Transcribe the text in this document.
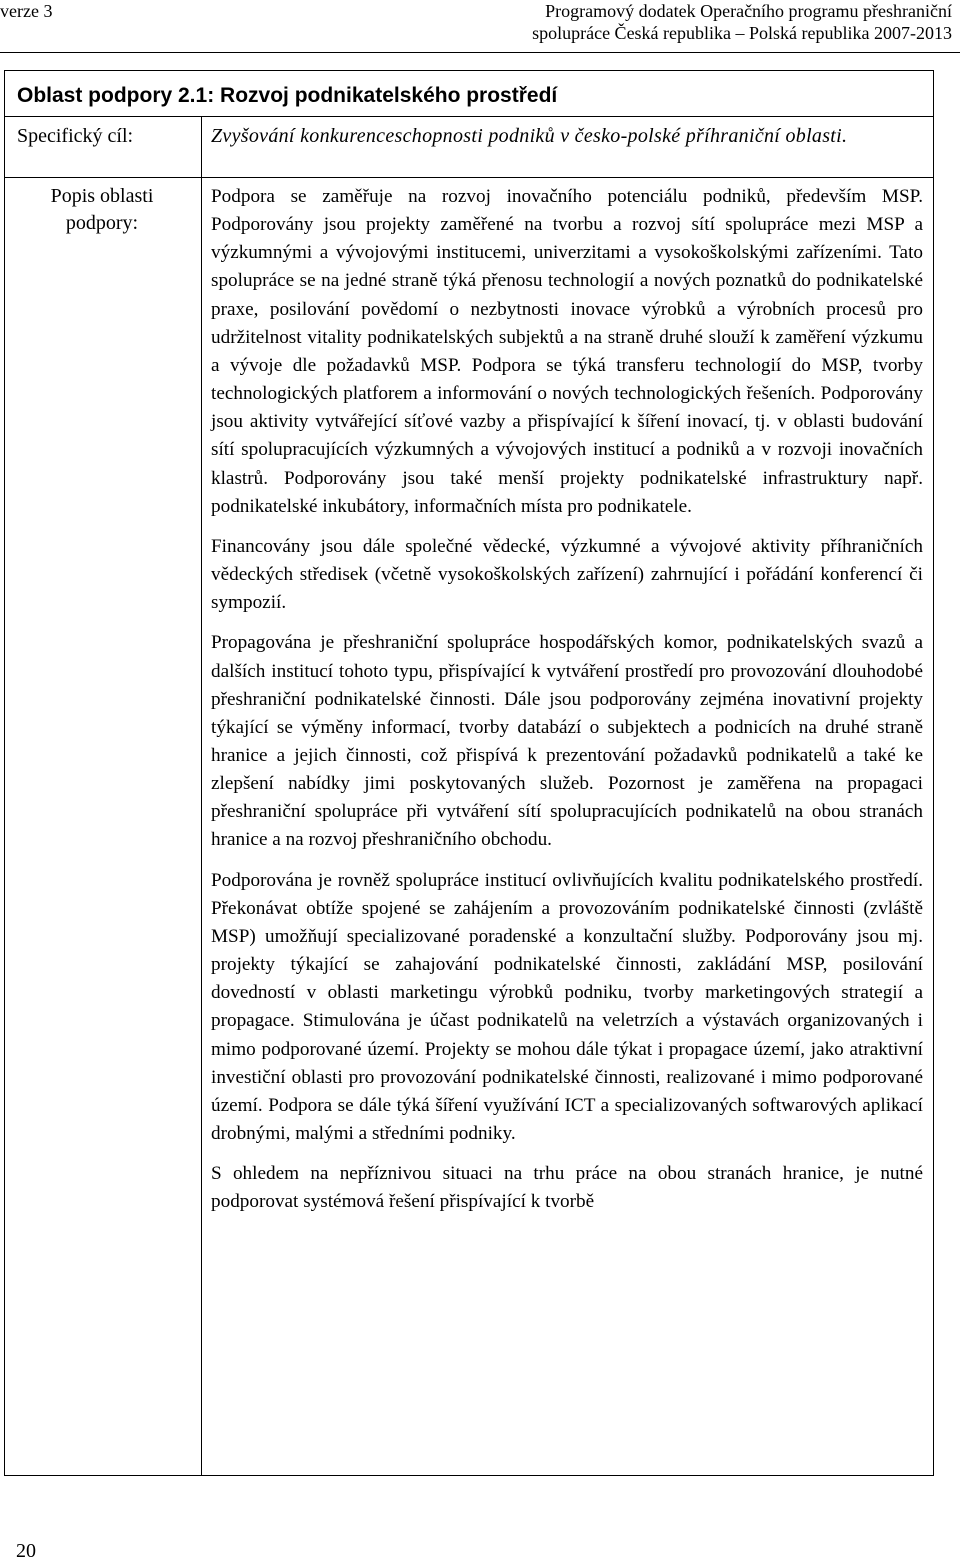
verze 3	Programový dodatek Operačního programu přeshraniční
spolupráce Česká republika – Polská republika 2007-2013
Oblast podpory 2.1: Rozvoj podnikatelského prostředí
Specifický cíl:	Zvyšování konkurenceschopnosti podniků v česko-polské příhraniční oblasti.
Popis oblasti podpory:

Podpora se zaměřuje na rozvoj inovačního potenciálu podniků, především MSP. Podporovány jsou projekty zaměřené na tvorbu a rozvoj sítí spolupráce mezi MSP a výzkumnými a vývojovými institucemi, univerzitami a vysokoškolskými zařízeními. Tato spolupráce se na jedné straně týká přenosu technologií a nových poznatků do podnikatelské praxe, posilování povědomí o nezbytnosti inovace výrobků a výrobních procesů pro udržitelnost vitality podnikatelských subjektů a na straně druhé slouží k zaměření výzkumu a vývoje dle požadavků MSP. Podpora se týká transferu technologií do MSP, tvorby technologických platforem a informování o nových technologických řešeních. Podporovány jsou aktivity vytvářející síťové vazby a přispívající k šíření inovací, tj. v oblasti budování sítí spolupracujících výzkumných a vývojových institucí a podniků a v rozvoji inovačních klastrů. Podporovány jsou také menší projekty podnikatelské infrastruktury např. podnikatelské inkubátory, informačních místa pro podnikatele.

Financovány jsou dále společné vědecké, výzkumné a vývojové aktivity příhraničních vědeckých středisek (včetně vysokoškolských zařízení) zahrnující i pořádání konferencí či sympozií.

Propagována je přeshraniční spolupráce hospodářských komor, podnikatelských svazů a dalších institucí tohoto typu, přispívající k vytváření prostředí pro provozování dlouhodobé přeshraniční podnikatelské činnosti. Dále jsou podporovány zejména inovativní projekty týkající se výměny informací, tvorby databází o subjektech a podnicích na druhé straně hranice a jejich činnosti, což přispívá k prezentování požadavků podnikatelů a také ke zlepšení nabídky jimi poskytovaných služeb. Pozornost je zaměřena na propagaci přeshraniční spolupráce při vytváření sítí spolupracujících podnikatelů na obou stranách hranice a na rozvoj přeshraničního obchodu.

Podporována je rovněž spolupráce institucí ovlivňujících kvalitu podnikatelského prostředí. Překonávat obtíže spojené se zahájením a provozováním podnikatelské činnosti (zvláště MSP) umožňují specializované poradenské a konzultační služby. Podporovány jsou mj. projekty týkající se zahajování podnikatelské činnosti, zakládání MSP, posilování dovedností v oblasti marketingu výrobků podniku, tvorby marketingových strategií a propagace. Stimulována je účast podnikatelů na veletrzích a výstavách organizovaných i mimo podporované území. Projekty se mohou dále týkat i propagace území, jako atraktivní investiční oblasti pro provozování podnikatelské činnosti, realizované i mimo podporované území. Podpora se dále týká šíření využívání ICT a specializovaných softwarových aplikací drobnými, malými a středními podniky.

S ohledem na nepříznivou situaci na trhu práce na obou stranách hranice, je nutné podporovat systémová řešení přispívající k tvorbě

20
